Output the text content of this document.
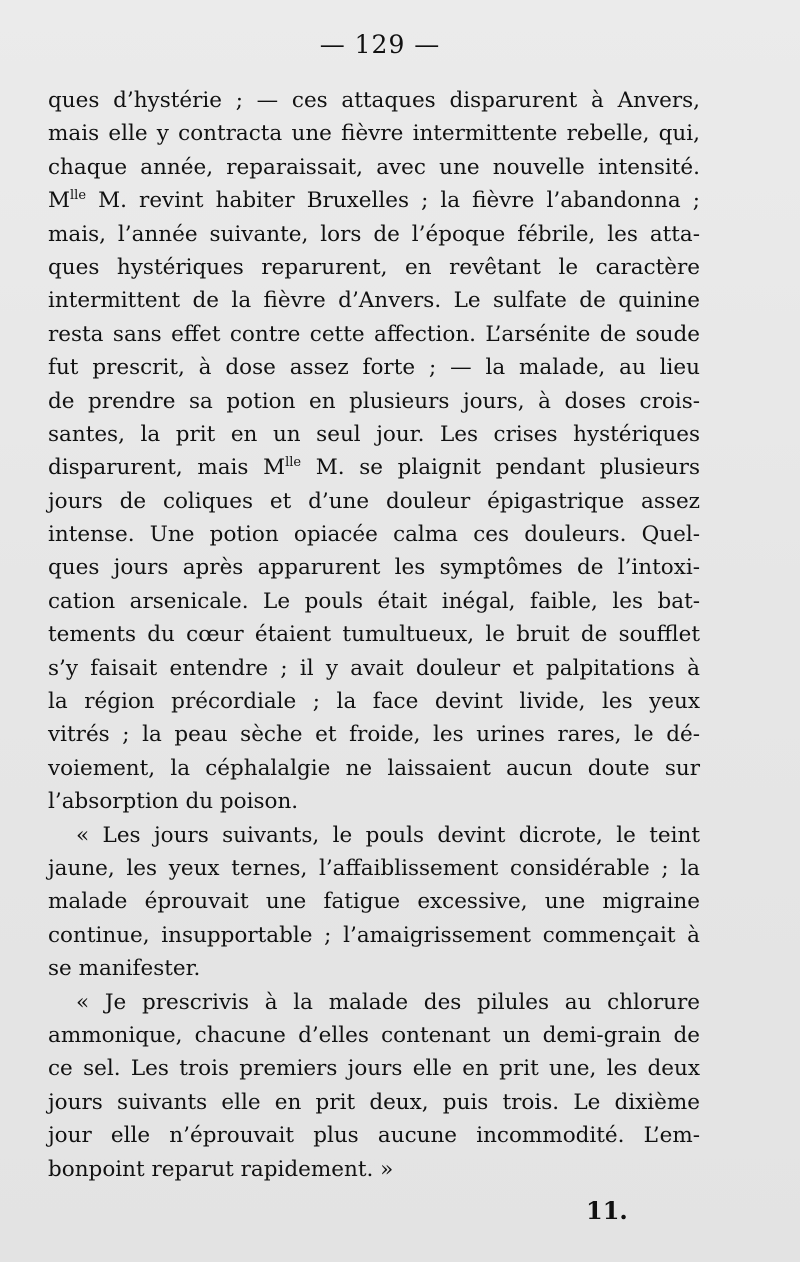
— 129 —
ques d’hystérie ; — ces attaques disparurent à Anvers,
mais elle y contracta une fièvre intermittente rebelle, qui,
chaque année, reparaissait, avec une nouvelle intensité.
$M^{lle}$ M. revint habiter Bruxelles ; la fièvre l’abandonna ;
mais, l’année suivante, lors de l’époque fébrile, les atta-
ques hystériques reparurent, en revêtant le caractère
intermittent de la fièvre d’Anvers. Le sulfate de quinine
resta sans effet contre cette affection. L’arsénite de soude
fut prescrit, à dose assez forte ; — la malade, au lieu
de prendre sa potion en plusieurs jours, à doses crois-
santes, la prit en un seul jour. Les crises hystériques
disparurent, mais $M^{lle}$ M. se plaignit pendant plusieurs
jours de coliques et d’une douleur épigastrique assez
intense. Une potion opiacée calma ces douleurs. Quel-
ques jours après apparurent les symptômes de l’intoxi-
cation arsenicale. Le pouls était inégal, faible, les bat-
tements du cœur étaient tumultueux, le bruit de soufflet
s’y faisait entendre ; il y avait douleur et palpitations à
la région précordiale ; la face devint livide, les yeux
vitrés ; la peau sèche et froide, les urines rares, le dé-
voiement, la céphalalgie ne laissaient aucun doute sur
l’absorption du poison.
« Les jours suivants, le pouls devint dicrote, le teint
jaune, les yeux ternes, l’affaiblissement considérable ; la
malade éprouvait une fatigue excessive, une migraine
continue, insupportable ; l’amaigrissement commençait à
se manifester.
« Je prescrivis à la malade des pilules au chlorure
ammonique, chacune d’elles contenant un demi-grain de
ce sel. Les trois premiers jours elle en prit une, les deux
jours suivants elle en prit deux, puis trois. Le dixième
jour elle n’éprouvait plus aucune incommodité. L’em-
bonpoint reparut rapidement. »
11.
